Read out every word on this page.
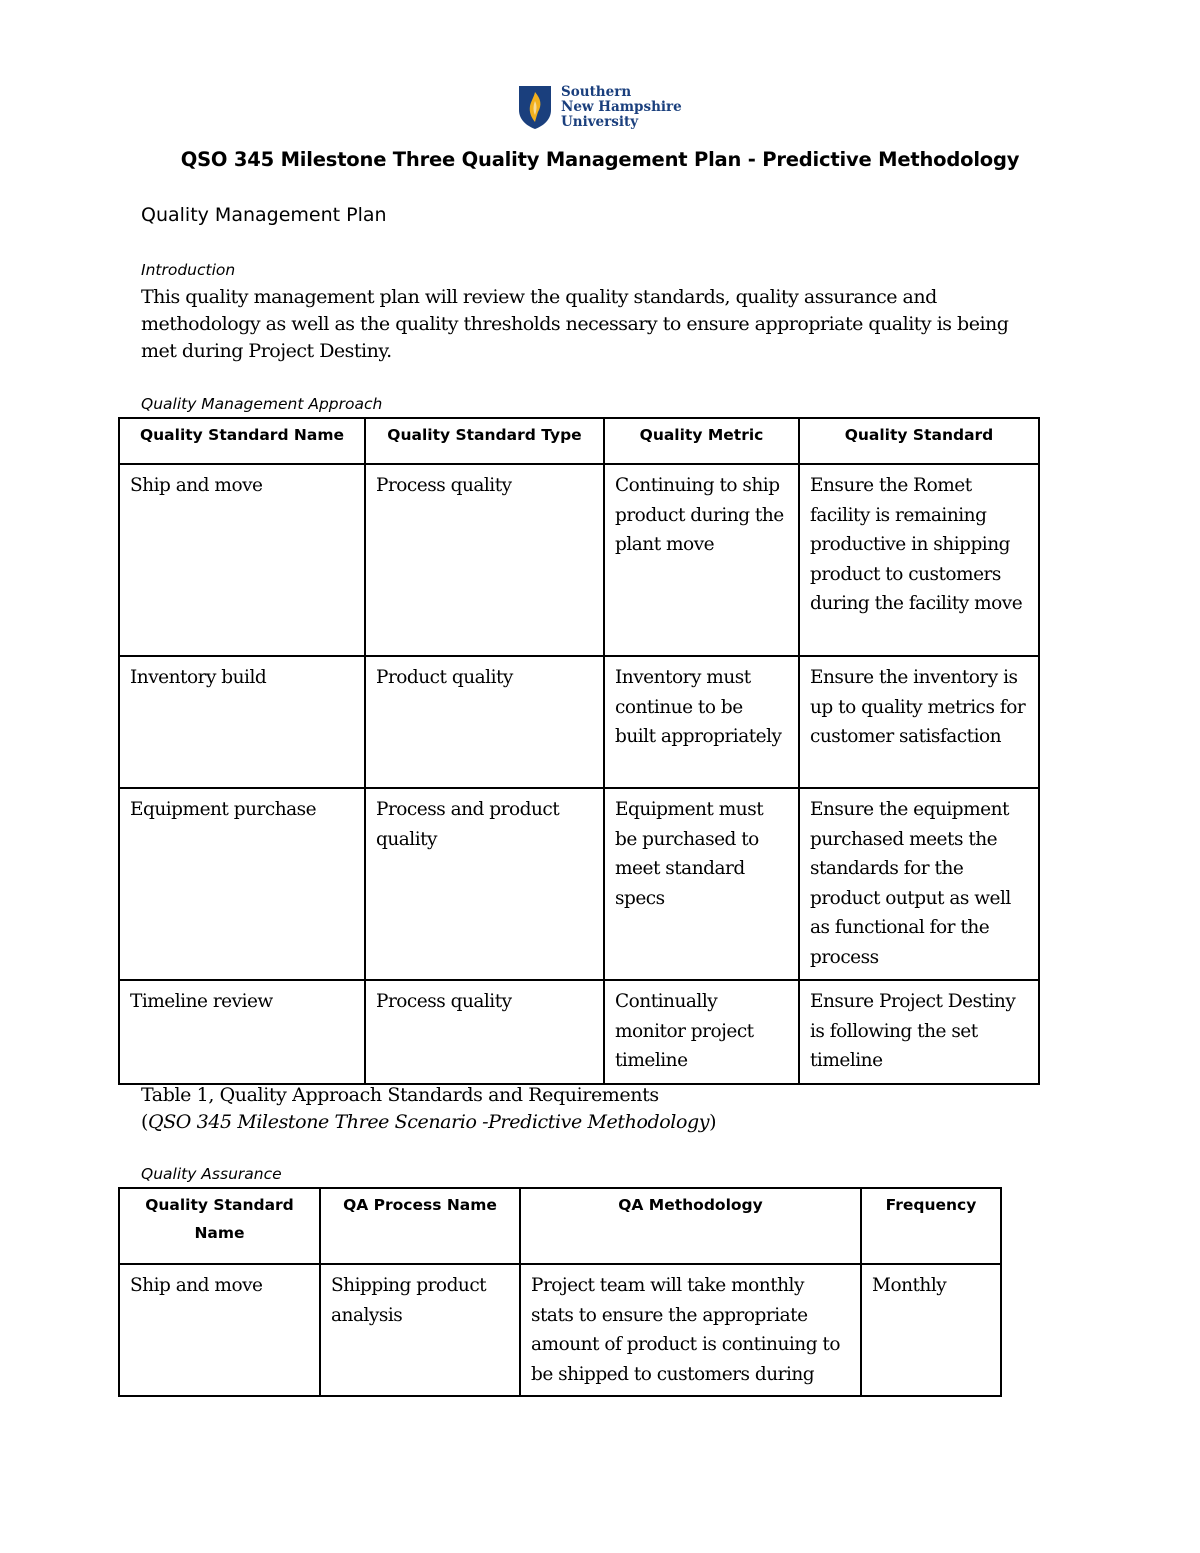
Southern
New Hampshire
University
QSO 345 Milestone Three Quality Management Plan - Predictive Methodology
Quality Management Plan
Introduction
This quality management plan will review the quality standards, quality assurance and methodology as well as the quality thresholds necessary to ensure appropriate quality is being met during Project Destiny.
Quality Management Approach
Quality Standard Name	Quality Standard Type	Quality Metric	Quality Standard
Ship and move	Process quality	Continuing to ship product during the plant move	Ensure the Romet facility is remaining productive in shipping product to customers during the facility move
Inventory build	Product quality	Inventory must continue to be built appropriately	Ensure the inventory is up to quality metrics for customer satisfaction
Equipment purchase	Process and product quality	Equipment must be purchased to meet standard specs	Ensure the equipment purchased meets the standards for the product output as well as functional for the process
Timeline review	Process quality	Continually monitor project timeline	Ensure Project Destiny is following the set timeline
Table 1, Quality Approach Standards and Requirements
(QSO 345 Milestone Three Scenario -Predictive Methodology)
Quality Assurance
Quality Standard Name	QA Process Name	QA Methodology	Frequency
Ship and move	Shipping product analysis	Project team will take monthly stats to ensure the appropriate amount of product is continuing to be shipped to customers during	Monthly
